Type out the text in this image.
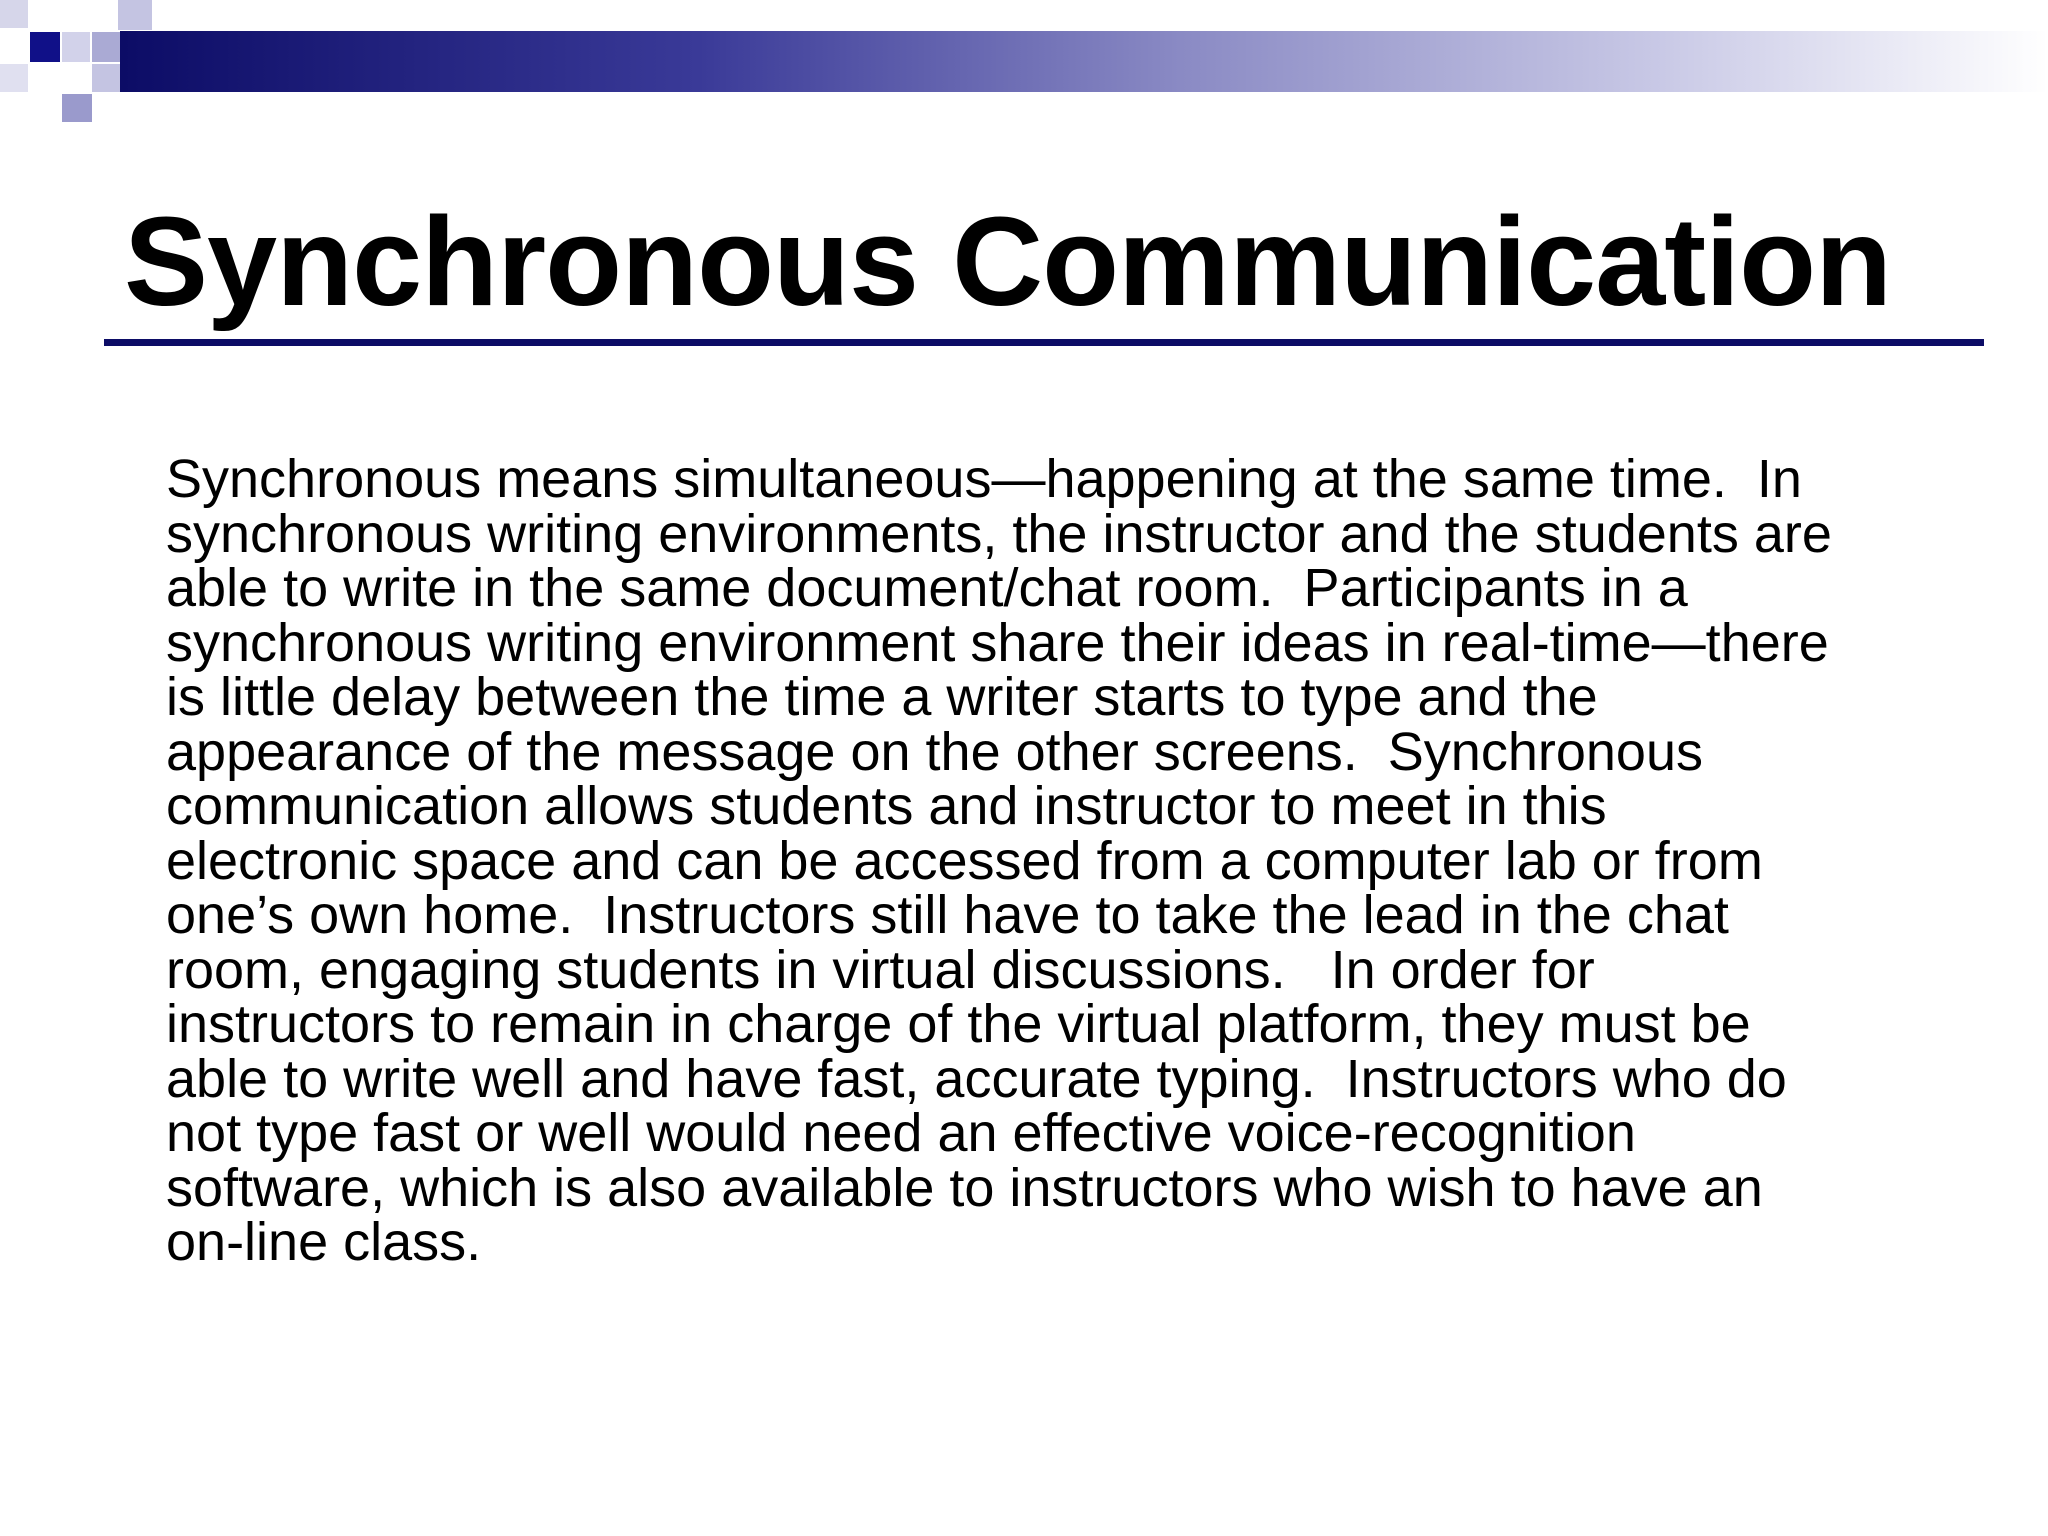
Synchronous Communication
Synchronous means simultaneous—happening at the same time.  In
synchronous writing environments, the instructor and the students are
able to write in the same document/chat room.  Participants in a
synchronous writing environment share their ideas in real-time—there
is little delay between the time a writer starts to type and the
appearance of the message on the other screens.  Synchronous
communication allows students and instructor to meet in this
electronic space and can be accessed from a computer lab or from
one’s own home.  Instructors still have to take the lead in the chat
room, engaging students in virtual discussions.   In order for
instructors to remain in charge of the virtual platform, they must be
able to write well and have fast, accurate typing.  Instructors who do
not type fast or well would need an effective voice-recognition
software, which is also available to instructors who wish to have an
on-line class.
